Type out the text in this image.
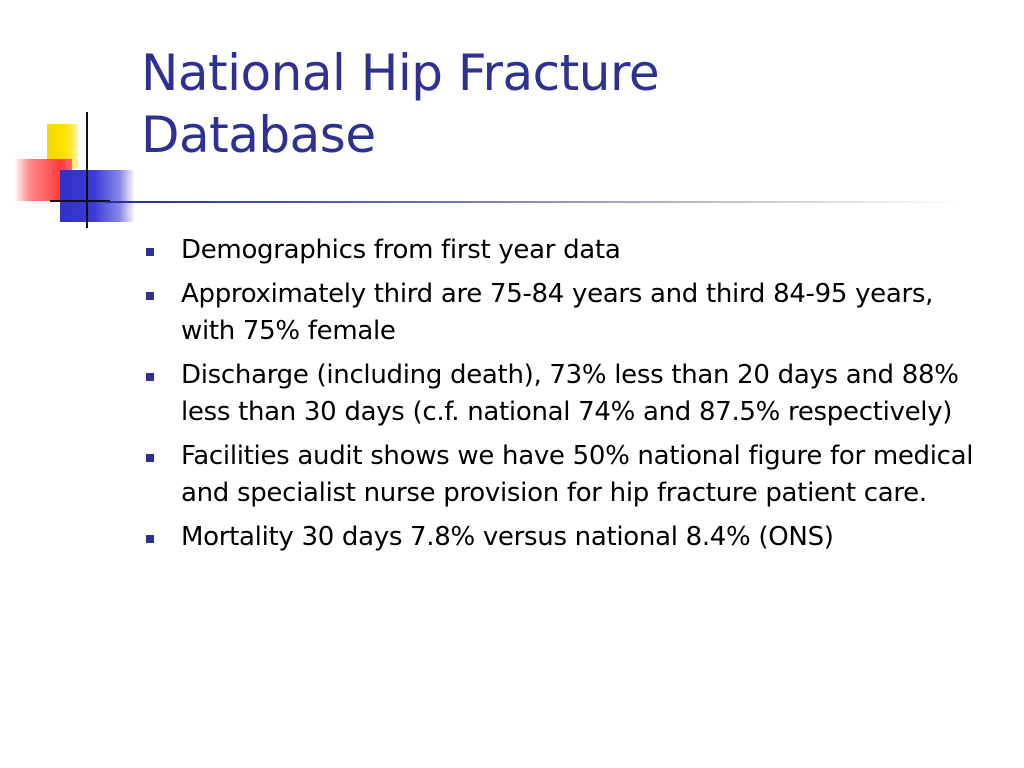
National Hip Fracture
Database
Demographics from first year data
Approximately third are 75-84 years and third 84-95 years, with 75% female
Discharge (including death), 73% less than 20 days and 88% less than 30 days (c.f. national 74% and 87.5% respectively)
Facilities audit shows we have 50% national figure for medical and specialist nurse provision for hip fracture patient care.
Mortality 30 days 7.8% versus national 8.4% (ONS)
